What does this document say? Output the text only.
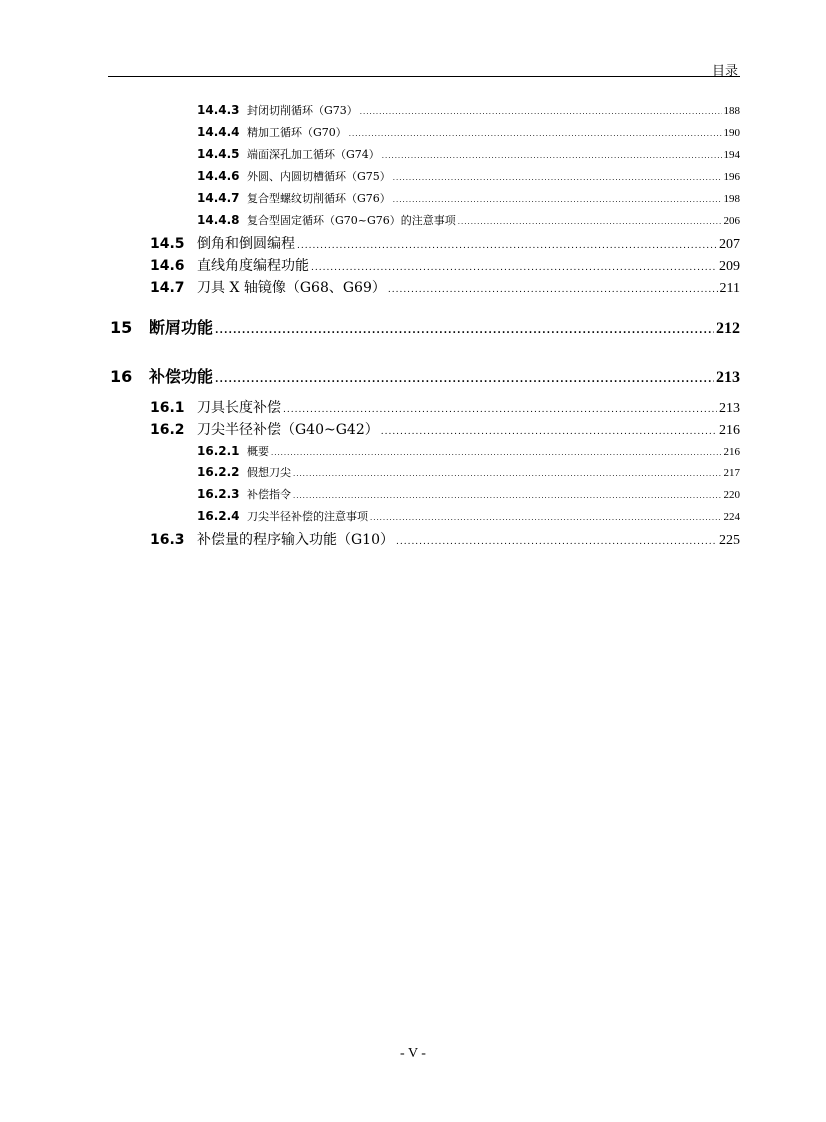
目录
14.4.3 封闭切削循环（G73） .....	188
14.4.4 精加工循环（G70） .....	190
14.4.5 端面深孔加工循环（G74） .....	194
14.4.6 外圆、内圆切槽循环（G75） .....	196
14.4.7 复合型螺纹切削循环（G76） .....	198
14.4.8 复合型固定循环（G70~G76）的注意事项 .....	206
14.5 倒角和倒圆编程 .....	207
14.6 直线角度编程功能 .....	209
14.7 刀具 X 轴镜像（G68、G69） .....	211
15	断屑功能 .....	212
16	补偿功能 .....	213
16.1 刀具长度补偿 .....	213
16.2 刀尖半径补偿（G40~G42） .....	216
16.2.1 概要 .....	216
16.2.2 假想刀尖 .....	217
16.2.3 补偿指令 .....	220
16.2.4 刀尖半径补偿的注意事项 .....	224
16.3 补偿量的程序输入功能（G10） .....	225
- V -
